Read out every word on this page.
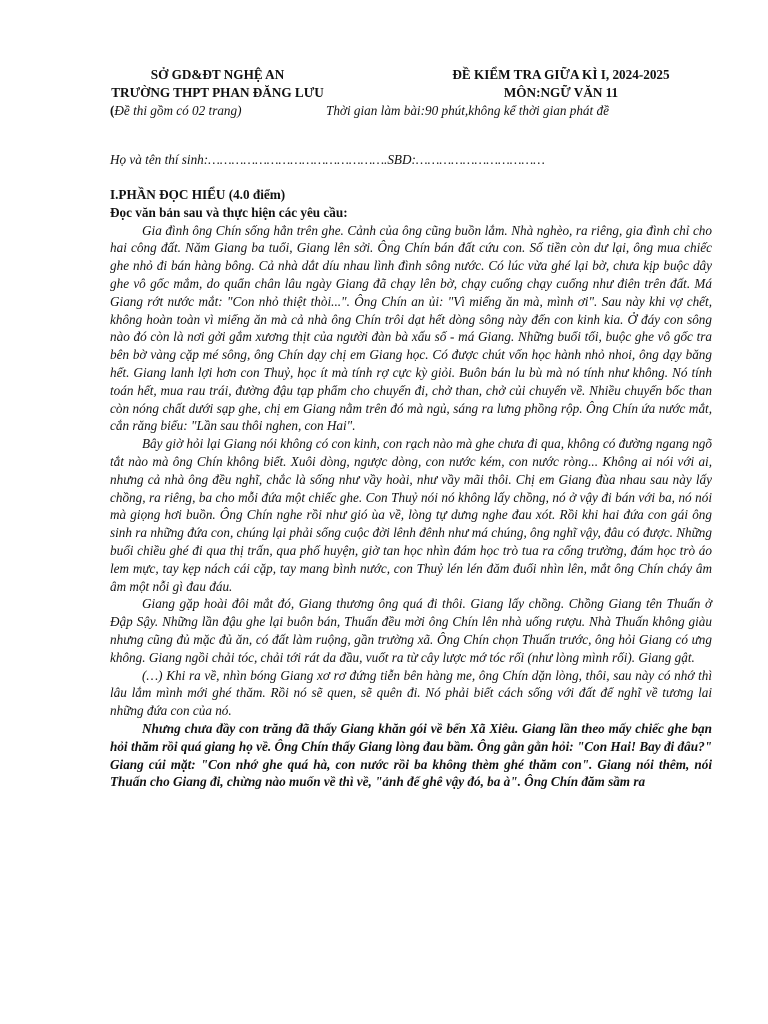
SỞ GD&ĐT NGHỆ AN
TRƯỜNG THPT PHAN ĐĂNG LƯU
ĐỀ KIỂM TRA GIỮA KÌ I, 2024-2025
MÔN:NGỮ VĂN 11
(Đề thi gồm có 02 trang)	Thời gian làm bài:90 phút,không kể thời gian phát đề
Họ và tên thí sinh:……………………………………….SBD:……………………………
I.PHẦN ĐỌC HIỂU (4.0 điểm)
Đọc văn bản sau và thực hiện các yêu cầu:

Gia đình ông Chín sống hẳn trên ghe. Cảnh của ông cũng buồn lắm. Nhà nghèo, ra riêng, gia đình chỉ cho hai công đất. Năm Giang ba tuổi, Giang lên sởi. Ông Chín bán đất cứu con. Số tiền còn dư lại, ông mua chiếc ghe nhỏ đi bán hàng bông. Cả nhà dắt díu nhau lình đình sông nước. Có lúc vừa ghé lại bờ, chưa kịp buộc dây ghe vô gốc mắm, do quẩn chân lâu ngày Giang đã chạy lên bờ, chạy cuống chạy cuống như điên trên đất. Má Giang rớt nước mắt: "Con nhỏ thiệt thòi...". Ông Chín an ủi: "Vì miếng ăn mà, mình ơi". Sau này khi vợ chết, không hoàn toàn vì miếng ăn mà cả nhà ông Chín trôi dạt hết dòng sông này đến con kinh kia. Ở đáy con sông nào đó còn là nơi gởi gắm xương thịt của người đàn bà xấu số - má Giang. Những buổi tối, buộc ghe vô gốc tra bên bờ vàng cặp mé sông, ông Chín dạy chị em Giang học. Có được chút vốn học hành nhỏ nhoi, ông dạy băng hết. Giang lanh lợi hơn con Thuỷ, học ít mà tính rợ cực kỳ giỏi. Buôn bán lu bù mà nó tính như không. Nó tính toán hết, mua rau trái, đường đậu tạp phẩm cho chuyến đi, chở than, chở củi chuyến về. Nhiều chuyến bốc than còn nóng chất dưới sạp ghe, chị em Giang nằm trên đó mà ngủ, sáng ra lưng phồng rộp. Ông Chín ứa nước mắt, cắn răng biểu: "Lần sau thôi nghen, con Hai".

Bây giờ hỏi lại Giang nói không có con kinh, con rạch nào mà ghe chưa đi qua, không có đường ngang ngõ tắt nào mà ông Chín không biết. Xuôi dòng, ngược dòng, con nước kém, con nước ròng... Không ai nói với ai, nhưng cả nhà ông đều nghĩ, chắc là sống như vầy hoài, như vầy mãi thôi. Chị em Giang đùa nhau sau này lấy chồng, ra riêng, ba cho mỗi đứa một chiếc ghe. Con Thuỷ nói nó không lấy chồng, nó ở vậy đi bán với ba, nó nói mà giọng hơi buồn. Ông Chín nghe rồi như gió ùa về, lòng tự dưng nghe đau xót. Rồi khi hai đứa con gái ông sinh ra những đứa con, chúng lại phải sống cuộc đời lênh đênh như má chúng, ông nghĩ vậy, đâu có được. Những buổi chiều ghé đi qua thị trấn, qua phố huyện, giờ tan học nhìn đám học trò tua ra cổng trường, đám học trò áo lem mực, tay kẹp nách cái cặp, tay mang bình nước, con Thuỷ lén lén đăm đuối nhìn lên, mắt ông Chín cháy âm âm một nỗi gì đau đáu.

Giang gặp hoài đôi mắt đó, Giang thương ông quá đi thôi. Giang lấy chồng. Chồng Giang tên Thuấn ở Đập Sậy. Những lần đậu ghe lại buôn bán, Thuấn đều mời ông Chín lên nhà uống rượu. Nhà Thuấn không giàu nhưng cũng đủ mặc đủ ăn, có đất làm ruộng, gần trường xã. Ông Chín chọn Thuấn trước, ông hỏi Giang có ưng không. Giang ngồi chải tóc, chải tới rát da đầu, vuốt ra từ cây lược mớ tóc rối (như lòng mình rối). Giang gật.

(…) Khi ra về, nhìn bóng Giang xơ rơ đứng tiễn bên hàng me, ông Chín dặn lòng, thôi, sau này có nhớ thì lâu lắm mình mới ghé thăm. Rồi nó sẽ quen, sẽ quên đi. Nó phải biết cách sống với đất để nghĩ về tương lai những đứa con của nó.

Nhưng chưa đầy con trăng đã thấy Giang khăn gói về bến Xã Xiêu. Giang lần theo mấy chiếc ghe bạn hỏi thăm rồi quá giang họ về. Ông Chín thấy Giang lòng đau bầm. Ông gằn gằn hỏi: "Con Hai! Bay đi đâu?" Giang cúi mặt: "Con nhớ ghe quá hà, con nước rồi ba không thèm ghé thăm con". Giang nói thêm, nói Thuấn cho Giang đi, chừng nào muốn về thì về, "ảnh để ghê vậy đó, ba à". Ông Chín đăm sầm ra
